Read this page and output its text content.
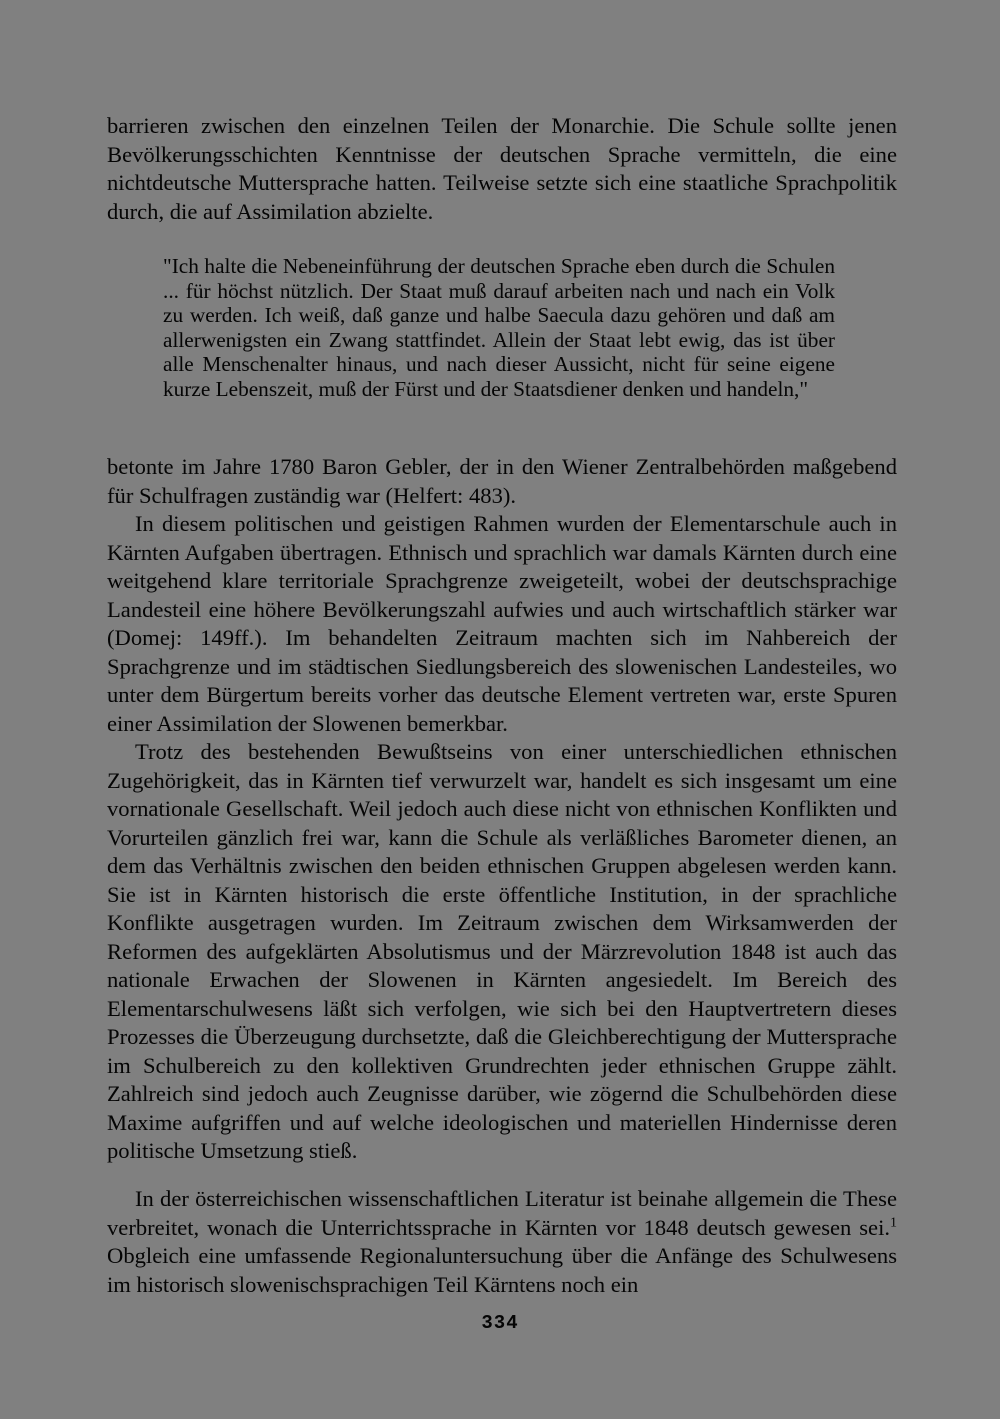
barrieren zwischen den einzelnen Teilen der Monarchie. Die Schule sollte jenen Bevölkerungsschichten Kenntnisse der deutschen Sprache vermitteln, die eine nichtdeutsche Muttersprache hatten. Teilweise setzte sich eine staatliche Sprachpolitik durch, die auf Assimilation abzielte.

"Ich halte die Nebeneinführung der deutschen Sprache eben durch die Schulen ... für höchst nützlich. Der Staat muß darauf arbeiten nach und nach ein Volk zu werden. Ich weiß, daß ganze und halbe Saecula dazu gehören und daß am allerwenigsten ein Zwang stattfindet. Allein der Staat lebt ewig, das ist über alle Menschenalter hinaus, und nach dieser Aussicht, nicht für seine eigene kurze Lebenszeit, muß der Fürst und der Staatsdiener denken und handeln,"

betonte im Jahre 1780 Baron Gebler, der in den Wiener Zentralbehörden maßgebend für Schulfragen zuständig war (Helfert: 483).

In diesem politischen und geistigen Rahmen wurden der Elementarschule auch in Kärnten Aufgaben übertragen. Ethnisch und sprachlich war damals Kärnten durch eine weitgehend klare territoriale Sprachgrenze zweigeteilt, wobei der deutschsprachige Landesteil eine höhere Bevölkerungszahl aufwies und auch wirtschaftlich stärker war (Domej: 149ff.). Im behandelten Zeitraum machten sich im Nahbereich der Sprachgrenze und im städtischen Siedlungsbereich des slowenischen Landesteiles, wo unter dem Bürgertum bereits vorher das deutsche Element vertreten war, erste Spuren einer Assimilation der Slowenen bemerkbar.

Trotz des bestehenden Bewußtseins von einer unterschiedlichen ethnischen Zugehörigkeit, das in Kärnten tief verwurzelt war, handelt es sich insgesamt um eine vornationale Gesellschaft. Weil jedoch auch diese nicht von ethnischen Konflikten und Vorurteilen gänzlich frei war, kann die Schule als verläßliches Barometer dienen, an dem das Verhältnis zwischen den beiden ethnischen Gruppen abgelesen werden kann. Sie ist in Kärnten historisch die erste öffentliche Institution, in der sprachliche Konflikte ausgetragen wurden. Im Zeitraum zwischen dem Wirksamwerden der Reformen des aufgeklärten Absolutismus und der Märzrevolution 1848 ist auch das nationale Erwachen der Slowenen in Kärnten angesiedelt. Im Bereich des Elementarschulwesens läßt sich verfolgen, wie sich bei den Hauptvertretern dieses Prozesses die Überzeugung durchsetzte, daß die Gleichberechtigung der Muttersprache im Schulbereich zu den kollektiven Grundrechten jeder ethnischen Gruppe zählt. Zahlreich sind jedoch auch Zeugnisse darüber, wie zögernd die Schulbehörden diese Maxime aufgriffen und auf welche ideologischen und materiellen Hindernisse deren politische Umsetzung stieß.

In der österreichischen wissenschaftlichen Literatur ist beinahe allgemein die These verbreitet, wonach die Unterrichtssprache in Kärnten vor 1848 deutsch gewesen sei.$^1$ Obgleich eine umfassende Regionaluntersuchung über die Anfänge des Schulwesens im historisch slowenischsprachigen Teil Kärntens noch ein

334
